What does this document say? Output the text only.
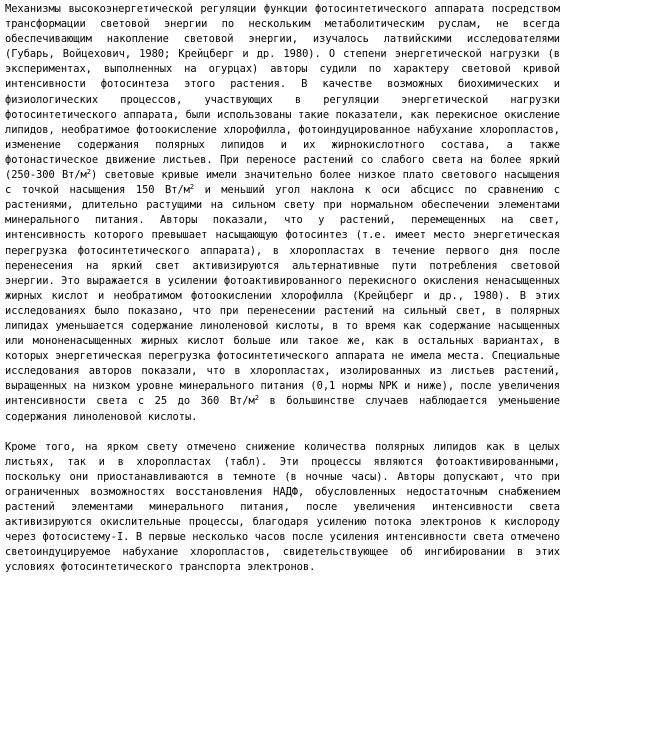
Механизмы высокоэнергетической регуляции функции фотосинтетического аппарата посредством трансформации световой энергии по нескольким метаболитическим руслам, не всегда обеспечивающим накопление световой энергии, изучалось латвийскими исследователями (Губарь, Войцехович, 1980; Крейцберг и др. 1980). О степени энергетической нагрузки (в экспериментах, выполненных на огурцах) авторы судили по характеру световой кривой интенсивности фотосинтеза этого растения. В качестве возможных биохимических и физиологических процессов, участвующих в регуляции энергетической нагрузки фотосинтетического аппарата, были использованы такие показатели, как перекисное окисление липидов, необратимое фотоокисление хлорофилла, фотоиндуцированное набухание хлоропластов, изменение содержания полярных липидов и их жирнокислотного состава, а также фотонастическое движение листьев. При переносе растений со слабого света на более яркий (250-300 $Вт/м^2$) световые кривые имели значительно более низкое плато светового насыщения с точкой насыщения 150 $Вт/м^2$ и меньший угол наклона к оси абсцисс по сравнению с растениями, длительно растущими на сильном свету при нормальном обеспечении элементами минерального питания. Авторы показали, что у растений, перемещенных на свет, интенсивность которого превышает насыщающую фотосинтез (т.е. имеет место энергетическая перегрузка фотосинтетического аппарата), в хлоропластах в течение первого дня после перенесения на яркий свет активизируются альтернативные пути потребления световой энергии. Это выражается в усилении фотоактивированного перекисного окисления ненасыщенных жирных кислот и необратимом фотоокислении хлорофилла (Крейцберг и др., 1980). В этих исследованиях было показано, что при перенесении растений на сильный свет, в полярных липидах уменьшается содержание линоленовой кислоты, в то время как содержание насыщенных или мононенасыщенных жирных кислот больше или такое же, как в остальных вариантах, в которых энергетическая перегрузка фотосинтетического аппарата не имела места. Специальные исследования авторов показали, что в хлоропластах, изолированных из листьев растений, выращенных на низком уровне минерального питания (0,1 нормы NPK и ниже), после увеличения интенсивности света с 25 до 360 $Вт/м^2$ в большинстве случаев наблюдается уменьшение содержания линоленовой кислоты.

Кроме того, на ярком свету отмечено снижение количества полярных липидов как в целых листьях, так и в хлоропластах (табл). Эти процессы являются фотоактивированными, поскольку они приостанавливаются в темноте (в ночные часы). Авторы допускают, что при ограниченных возможностях восстановления НАДФ, обусловленных недостаточным снабжением растений элементами минерального питания, после увеличения интенсивности света активизируются окислительные процессы, благодаря усилению потока электронов к кислороду через фотосистему-I. В первые несколько часов после усиления интенсивности света отмечено светоиндуцируемое набухание хлоропластов, свидетельствующее об ингибировании в этих условиях фотосинтетического транспорта электронов.
